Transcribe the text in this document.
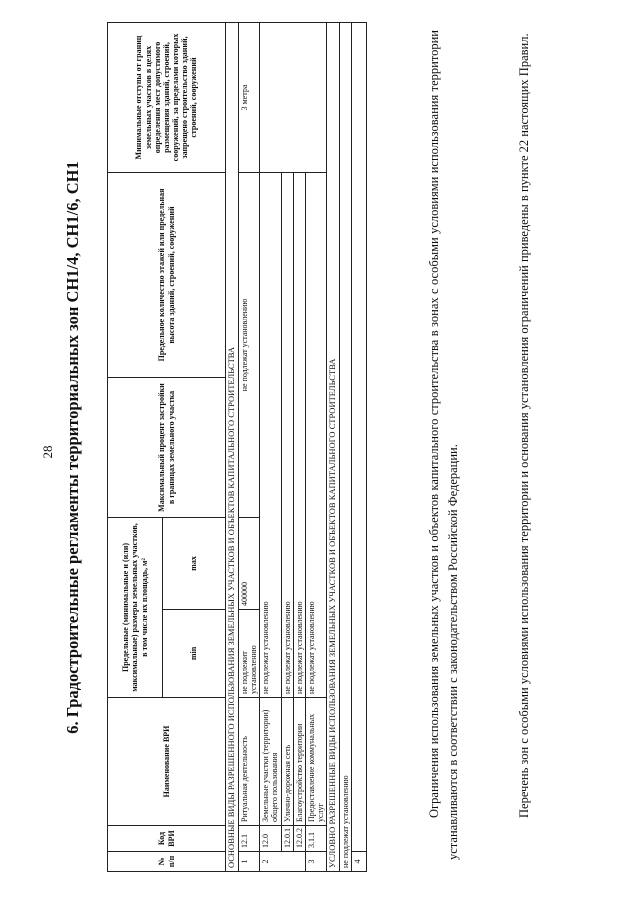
28 6. Градостроительные регламенты территориальных зон СН1/4, СН1/6, СН1
№ п/п	Код ВРИ	Наименование ВРИ	Предельные (минимальные и (или) максимальные) размеры земельных участков, в том числе их площадь, м²		Максимальный процент застройки в границах земельного участка	Предельное количество этажей или предельная высота зданий, строений, сооружений	Минимальные отступы от границ земельных участков в целях определения мест допустимого размещения зданий, строений, сооружений, за пределами которых запрещено строительство зданий, строений, сооружений
			min	max			
ОСНОВНЫЕ ВИДЫ РАЗРЕШЕННОГО ИСПОЛЬЗОВАНИЯ ЗЕМЕЛЬНЫХ УЧАСТКОВ И ОБЪЕКТОВ КАПИТАЛЬНОГО СТРОИТЕЛЬСТВА							
1	12.1	Ритуальная деятельность	не подлежит установлению	400000	не подлежат установлению		3 метра
2	12.0	Земельные участки (территории) общего пользования	не подлежат установлению				
	12.0.1	Улично-дорожная сеть	не подлежат установлению				
	12.0.2	Благоустройство территории	не подлежат установлению				
3	3.1.1	Предоставление коммунальных услуг	не подлежат установлению				
УСЛОВНО РАЗРЕШЕННЫЕ ВИДЫ ИСПОЛЬЗОВАНИЯ ЗЕМЕЛЬНЫХ УЧАСТКОВ И ОБЪЕКТОВ КАПИТАЛЬНОГО СТРОИТЕЛЬСТВА							
не подлежат установлению							
4							
Ограничения использования земельных участков и объектов капитального строительства в зонах с особыми условиями использования территории устанавливаются в соответствии с законодательством Российской Федерации.	Перечень зон с особыми условиями использования территории и основания установления ограничений приведены в пункте 22 настоящих Правил.
